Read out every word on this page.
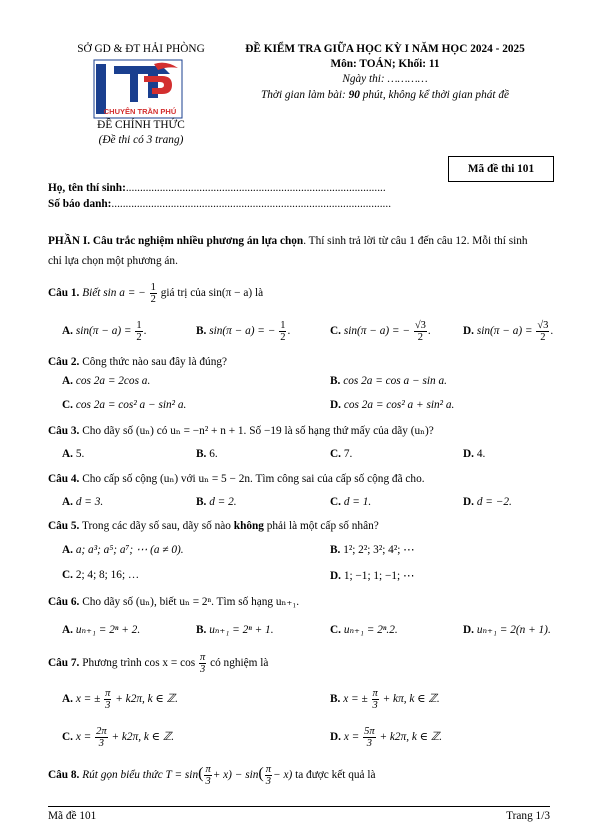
SỞ GD & ĐT HẢI PHÒNG
CHUYÊN TRẦN PHÚ
ĐỀ CHÍNH THỨC
(Đề thi có 3 trang)
ĐỀ KIỂM TRA GIỮA HỌC KỲ I NĂM HỌC 2024 - 2025
Môn: TOÁN; Khối: 11
Ngày thi: …………
Thời gian làm bài: 90 phút, không kể thời gian phát đề
Mã đề thi 101
Họ, tên thí sinh:............................................................................................
Số báo danh:...................................................................................................
PHẦN I. Câu trắc nghiệm nhiều phương án lựa chọn. Thí sinh trả lời từ câu 1 đến câu 12. Mỗi thí sinh
chỉ lựa chọn một phương án.
Câu 1. Biết sin a = − $\frac{1}{2}$ giá trị của sin(π − a) là
A. $\sin(\pi - a) = \frac{1}{2}$ .	B. sin(π − a) = − $\frac{1}{2}$ .	C. sin(π − a) = − $\frac{√3}{2}$ .	D. $\sin(\pi - a) = \frac{√3}{2}$ .
Câu 2. Công thức nào sau đây là đúng?
A. cos 2a = 2cos a.	B. cos 2a = cos a − sin a.
C. cos 2a = cos² a − sin² a.	D. cos 2a = cos² a + sin² a.
Câu 3. Cho dãy số (uₙ) có uₙ = −n² + n + 1. Số −19 là số hạng thứ mấy của dãy (uₙ)?
A. 5.	B. 6.	C. 7.	D. 4.
Câu 4. Cho cấp số cộng (uₙ) với uₙ = 5 − 2n. Tìm công sai của cấp số cộng đã cho.
A. d = 3.	B. d = 2.	C. d = 1.	D. d = −2.
Câu 5. Trong các dãy số sau, dãy số nào không phải là một cấp số nhân?
A. a; a³; a⁵; a⁷; ⋯ (a ≠ 0).	B. 1²; 2²; 3²; 4²; ⋯
C. 2; 4; 8; 16; …	D. 1; −1; 1; −1; ⋯
Câu 6. Cho dãy số (uₙ), biết uₙ = 2ⁿ. Tìm số hạng uₙ₊₁.
A. uₙ₊₁ = 2ⁿ + 2.	B. uₙ₊₁ = 2ⁿ + 1.	C. uₙ₊₁ = 2ⁿ.2.	D. uₙ₊₁ = 2(n + 1).
Câu 7. Phương trình $\cos x = \cos \frac{\pi}{3}$ có nghiệm là
A. x = ± $\frac{\pi}{3} + k2\pi$, k ∈ ℤ.	B. x = ± $\frac{\pi}{3} + k\pi$, k ∈ ℤ.
C. $x = \frac{2\pi}{3} + k2\pi$, k ∈ ℤ.	D. $x = \frac{5\pi}{3} + k2\pi$, k ∈ ℤ.
Câu 8. Rút gọn biểu thức $T = \sin( \frac{\pi}{3} + x) - \sin( \frac{\pi}{3} - x)$ ta được kết quả là
Mã đề 101	Trang 1/3
